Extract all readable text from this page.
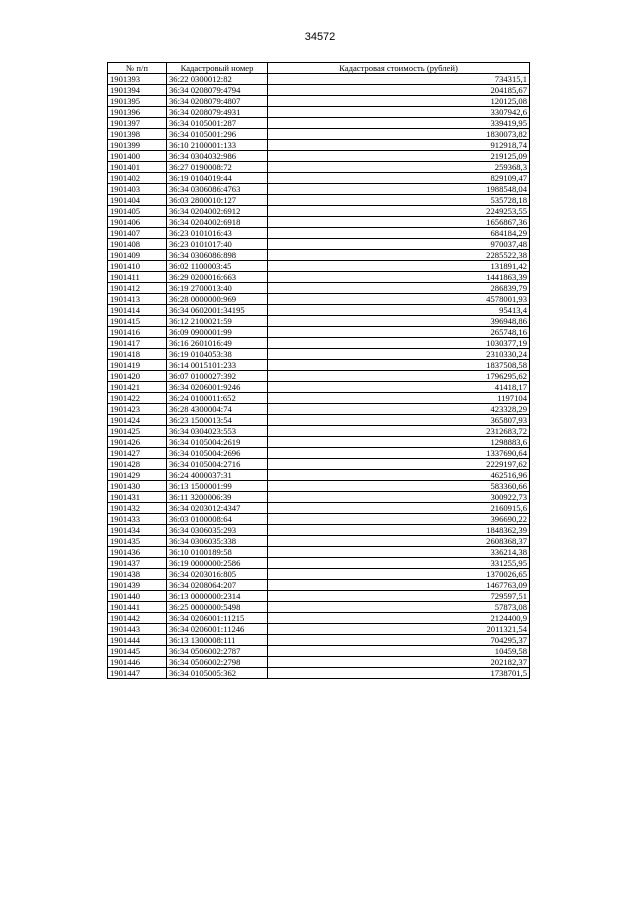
34572
№ п/п	Кадастровый номер	Кадастровая стоимость (рублей)
1901393	36:22 0300012:82	734315,1
1901394	36:34 0208079:4794	204185,67
1901395	36:34 0208079:4807	120125,08
1901396	36:34 0208079:4931	3307942,6
1901397	36:34 0105001:287	339419,95
1901398	36:34 0105001:296	1830073,82
1901399	36:10 2100001:133	912918,74
1901400	36:34 0304032:986	219125,09
1901401	36:27 0190008:72	259368,3
1901402	36:19 0104019:44	829109,47
1901403	36:34 0306086:4763	1988548,04
1901404	36:03 2800010:127	535728,18
1901405	36:34 0204002:6912	2249253,55
1901406	36:34 0204002:6918	1656867,36
1901407	36:23 0101016:43	684184,29
1901408	36:23 0101017:40	970037,48
1901409	36:34 0306086:898	2285522,38
1901410	36:02 1100003:45	131891,42
1901411	36:29 0200016:663	1441863,39
1901412	36:19 2700013:40	286839,79
1901413	36:28 0000000:969	4578001,93
1901414	36:34 0602001:34195	95413,4
1901415	36:12 2100021:59	396948,86
1901416	36:09 0900001:99	265748,16
1901417	36:16 2601016:49	1030377,19
1901418	36:19 0104053:38	2310330,24
1901419	36:14 0015101:233	1837508,58
1901420	36:07 0100027:392	1796295,62
1901421	36:34 0206001:9246	41418,17
1901422	36:24 0100011:652	1197104
1901423	36:28 4300004:74	423328,29
1901424	36:23 1500013:54	365807,93
1901425	36:34 0304023:553	2312683,72
1901426	36:34 0105004:2619	1298883,6
1901427	36:34 0105004:2696	1337690,64
1901428	36:34 0105004:2716	2229197,62
1901429	36:24 4000037:31	462516,96
1901430	36:13 1500001:99	583360,66
1901431	36:11 3200006:39	300922,73
1901432	36:34 0203012:4347	2160915,6
1901433	36:03 0100008:64	396690,22
1901434	36:34 0306035:293	1848362,39
1901435	36:34 0306035:338	2608368,37
1901436	36:10 0100189:58	336214,38
1901437	36:19 0000000:2586	331255,95
1901438	36:34 0203016:805	1370026,65
1901439	36:34 0208064:207	1467763,09
1901440	36:13 0000000:2314	729597,51
1901441	36:25 0000000:5498	57873,08
1901442	36:34 0206001:11215	2124400,9
1901443	36:34 0206001:11246	2011321,54
1901444	36:13 1300008:111	704295,37
1901445	36:34 0506002:2787	10459,58
1901446	36:34 0506002:2798	202182,37
1901447	36:34 0105005:362	1738701,5
